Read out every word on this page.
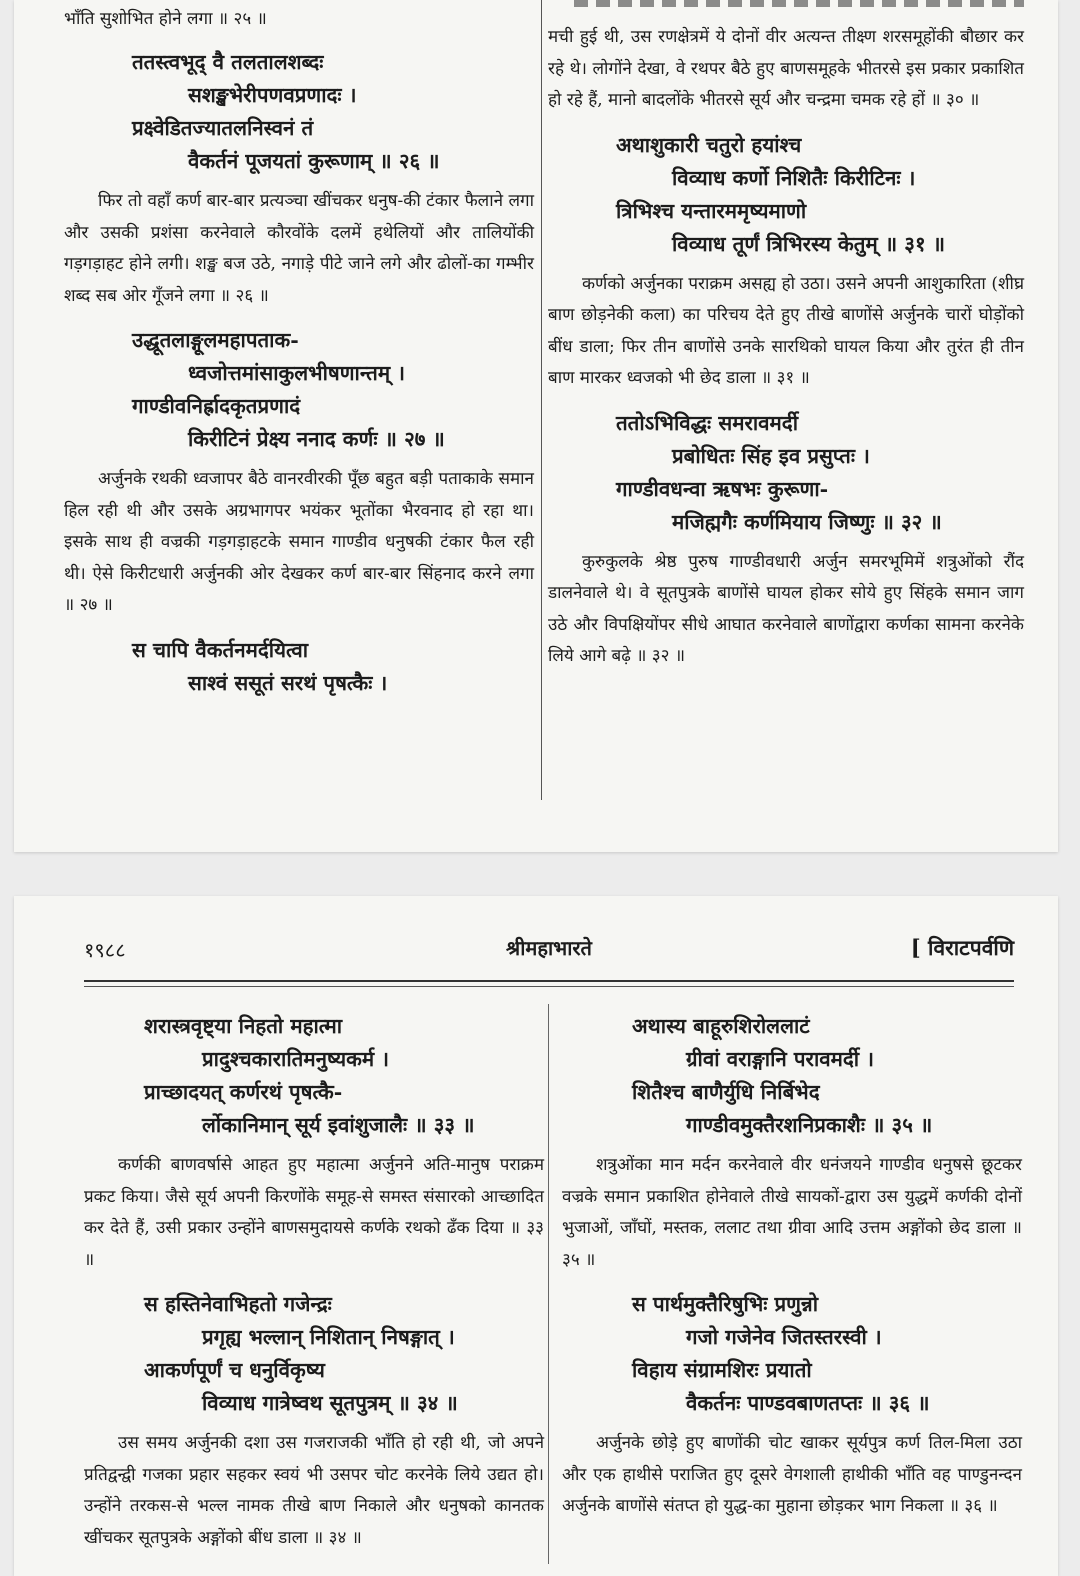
भाँति सुशोभित होने लगा ॥ २५ ॥
ततस्त्वभूद् वै तलतालशब्दः
सशङ्खभेरीपणवप्रणादः ।
प्रक्ष्वेडितज्यातलनिस्वनं तं
वैकर्तनं पूजयतां कुरूणाम् ॥ २६ ॥
फिर तो वहाँ कर्ण बार-बार प्रत्यञ्चा खींचकर धनुष-की टंकार फैलाने लगा और उसकी प्रशंसा करनेवाले कौरवोंके दलमें हथेलियों और तालियोंकी गड़गड़ाहट होने लगी। शङ्ख बज उठे, नगाड़े पीटे जाने लगे और ढोलों-का गम्भीर शब्द सब ओर गूँजने लगा ॥ २६ ॥
उद्धूतलाङ्गूलमहापताक-
ध्वजोत्तमांसाकुलभीषणान्तम् ।
गाण्डीवनिर्ह्रादकृतप्रणादं
किरीटिनं प्रेक्ष्य ननाद कर्णः ॥ २७ ॥
अर्जुनके रथकी ध्वजापर बैठे वानरवीरकी पूँछ बहुत बड़ी पताकाके समान हिल रही थी और उसके अग्रभागपर भयंकर भूतोंका भैरवनाद हो रहा था। इसके साथ ही वज्रकी गड़गड़ाहटके समान गाण्डीव धनुषकी टंकार फैल रही थी। ऐसे किरीटधारी अर्जुनकी ओर देखकर कर्ण बार-बार सिंहनाद करने लगा ॥ २७ ॥
स चापि वैकर्तनमर्दयित्वा
साश्वं ससूतं सरथं पृषत्कैः ।
मची हुई थी, उस रणक्षेत्रमें ये दोनों वीर अत्यन्त तीक्ष्ण शरसमूहोंकी बौछार कर रहे थे। लोगोंने देखा, वे रथपर बैठे हुए बाणसमूहके भीतरसे इस प्रकार प्रकाशित हो रहे हैं, मानो बादलोंके भीतरसे सूर्य और चन्द्रमा चमक रहे हों ॥ ३० ॥
अथाशुकारी चतुरो हयांश्च
विव्याध कर्णो निशितैः किरीटिनः ।
त्रिभिश्च यन्तारममृष्यमाणो
विव्याध तूर्णं त्रिभिरस्य केतुम् ॥ ३१ ॥
कर्णको अर्जुनका पराक्रम असह्य हो उठा। उसने अपनी आशुकारिता (शीघ्र बाण छोड़नेकी कला) का परिचय देते हुए तीखे बाणोंसे अर्जुनके चारों घोड़ोंको बींध डाला; फिर तीन बाणोंसे उनके सारथिको घायल किया और तुरंत ही तीन बाण मारकर ध्वजको भी छेद डाला ॥ ३१ ॥
ततोऽभिविद्धः समरावमर्दी
प्रबोधितः सिंह इव प्रसुप्तः ।
गाण्डीवधन्वा ऋषभः कुरूणा-
मजिह्मगैः कर्णमियाय जिष्णुः ॥ ३२ ॥
कुरुकुलके श्रेष्ठ पुरुष गाण्डीवधारी अर्जुन समरभूमिमें शत्रुओंको रौंद डालनेवाले थे। वे सूतपुत्रके बाणोंसे घायल होकर सोये हुए सिंहके समान जाग उठे और विपक्षियोंपर सीधे आघात करनेवाले बाणोंद्वारा कर्णका सामना करनेके लिये आगे बढ़े ॥ ३२ ॥
श्रीमहाभारते
१९८८	[ विराटपर्वणि
शरास्त्रवृष्ट्या निहतो महात्मा
प्रादुश्चकारातिमनुष्यकर्म ।
प्राच्छादयत् कर्णरथं पृषत्कै-
र्लोकानिमान् सूर्य इवांशुजालैः ॥ ३३ ॥
कर्णकी बाणवर्षासे आहत हुए महात्मा अर्जुनने अति-मानुष पराक्रम प्रकट किया। जैसे सूर्य अपनी किरणोंके समूह-से समस्त संसारको आच्छादित कर देते हैं, उसी प्रकार उन्होंने बाणसमुदायसे कर्णके रथको ढँक दिया ॥ ३३ ॥
स हस्तिनेवाभिहतो गजेन्द्रः
प्रगृह्य भल्लान् निशितान् निषङ्गात् ।
आकर्णपूर्णं च धनुर्विकृष्य
विव्याध गात्रेष्वथ सूतपुत्रम् ॥ ३४ ॥
उस समय अर्जुनकी दशा उस गजराजकी भाँति हो रही थी, जो अपने प्रतिद्वन्द्वी गजका प्रहार सहकर स्वयं भी उसपर चोट करनेके लिये उद्यत हो। उन्होंने तरकस-से भल्ल नामक तीखे बाण निकाले और धनुषको कानतक खींचकर सूतपुत्रके अङ्गोंको बींध डाला ॥ ३४ ॥
अथास्य बाहूरुशिरोललाटं
ग्रीवां वराङ्गानि परावमर्दी ।
शितैश्च बाणैर्युधि निर्बिभेद
गाण्डीवमुक्तैरशनिप्रकाशैः ॥ ३५ ॥
शत्रुओंका मान मर्दन करनेवाले वीर धनंजयने गाण्डीव धनुषसे छूटकर वज्रके समान प्रकाशित होनेवाले तीखे सायकों-द्वारा उस युद्धमें कर्णकी दोनों भुजाओं, जाँघों, मस्तक, ललाट तथा ग्रीवा आदि उत्तम अङ्गोंको छेद डाला ॥ ३५ ॥
स पार्थमुक्तैरिषुभिः प्रणुन्नो
गजो गजेनेव जितस्तरस्वी ।
विहाय संग्रामशिरः प्रयातो
वैकर्तनः पाण्डवबाणतप्तः ॥ ३६ ॥
अर्जुनके छोड़े हुए बाणोंकी चोट खाकर सूर्यपुत्र कर्ण तिल-मिला उठा और एक हाथीसे पराजित हुए दूसरे वेगशाली हाथीकी भाँति वह पाण्डुनन्दन अर्जुनके बाणोंसे संतप्त हो युद्ध-का मुहाना छोड़कर भाग निकला ॥ ३६ ॥
